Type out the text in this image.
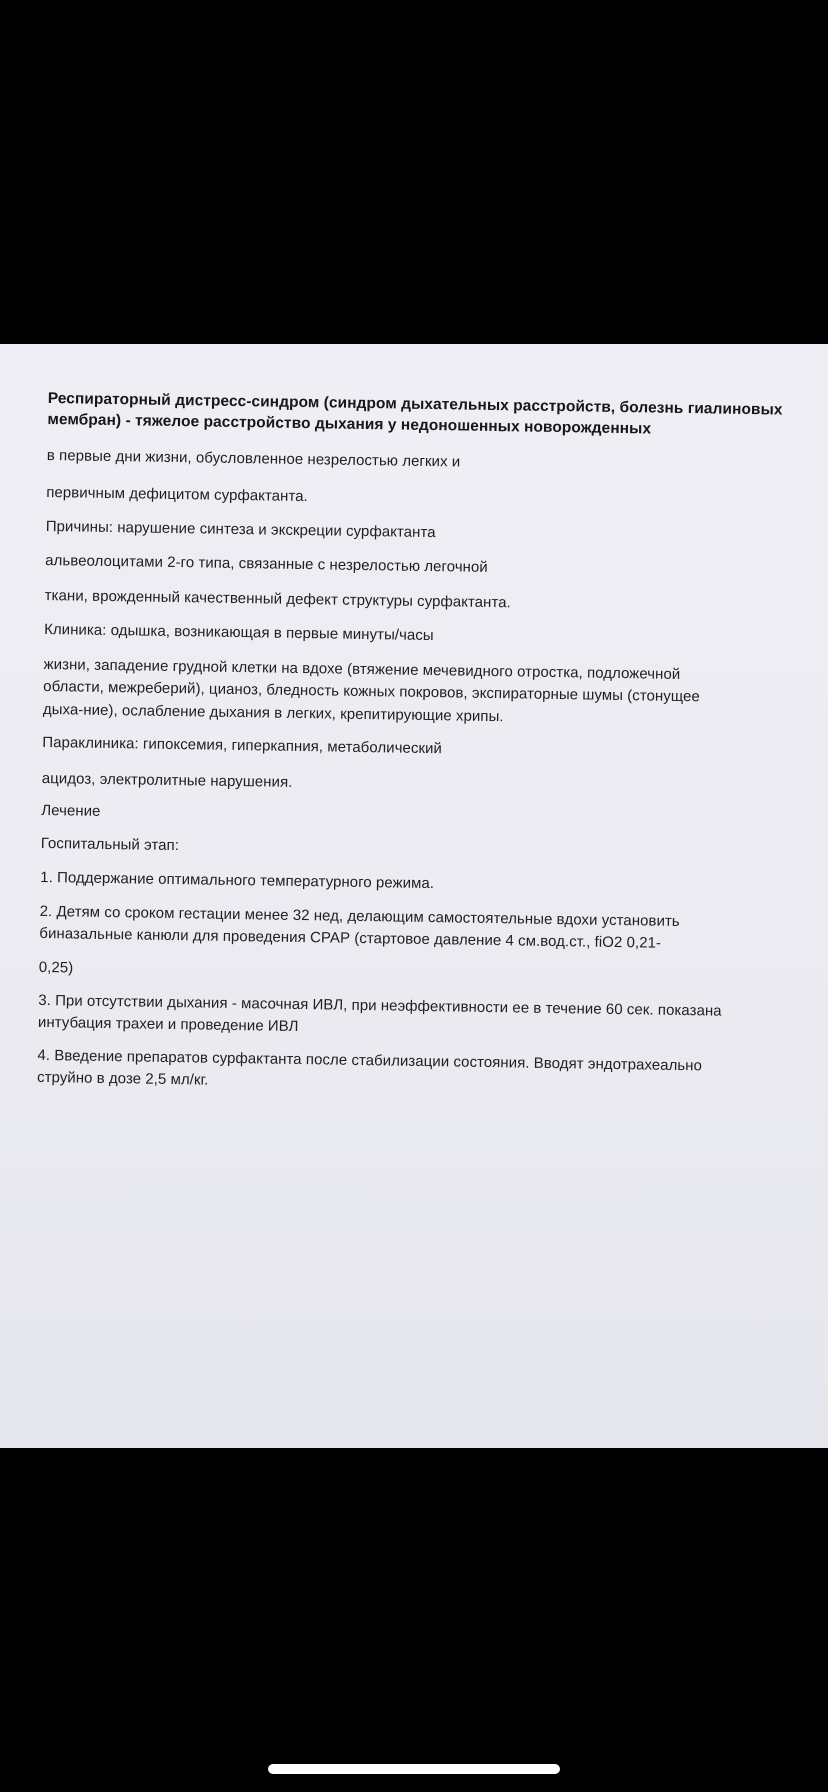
Респираторный дистресс-синдром (синдром дыхательных расстройств, болезнь гиалиновых
мембран) - тяжелое расстройство дыхания у недоношенных новорожденных
в первые дни жизни, обусловленное незрелостью легких и
первичным дефицитом сурфактанта.
Причины: нарушение синтеза и экскреции сурфактанта
альвеолоцитами 2-го типа, связанные с незрелостью легочной
ткани, врожденный качественный дефект структуры сурфактанта.
Клиника: одышка, возникающая в первые минуты/часы
жизни, западение грудной клетки на вдохе (втяжение мечевидного отростка, подложечной
области, межреберий), цианоз, бледность кожных покровов, экспираторные шумы (стонущее
дыха-ние), ослабление дыхания в легких, крепитирующие хрипы.
Параклиника: гипоксемия, гиперкапния, метаболический
ацидоз, электролитные нарушения.
Лечение
Госпитальный этап:
1. Поддержание оптимального температурного режима.
2. Детям со сроком гестации менее 32 нед, делающим самостоятельные вдохи установить
биназальные канюли для проведения СРАР (стартовое давление 4 см.вод.ст., fiO2 0,21-
0,25)
3. При отсутствии дыхания - масочная ИВЛ, при неэффективности ее в течение 60 сек. показана
интубация трахеи и проведение ИВЛ
4. Введение препаратов сурфактанта после стабилизации состояния. Вводят эндотрахеально
струйно в дозе 2,5 мл/кг.
